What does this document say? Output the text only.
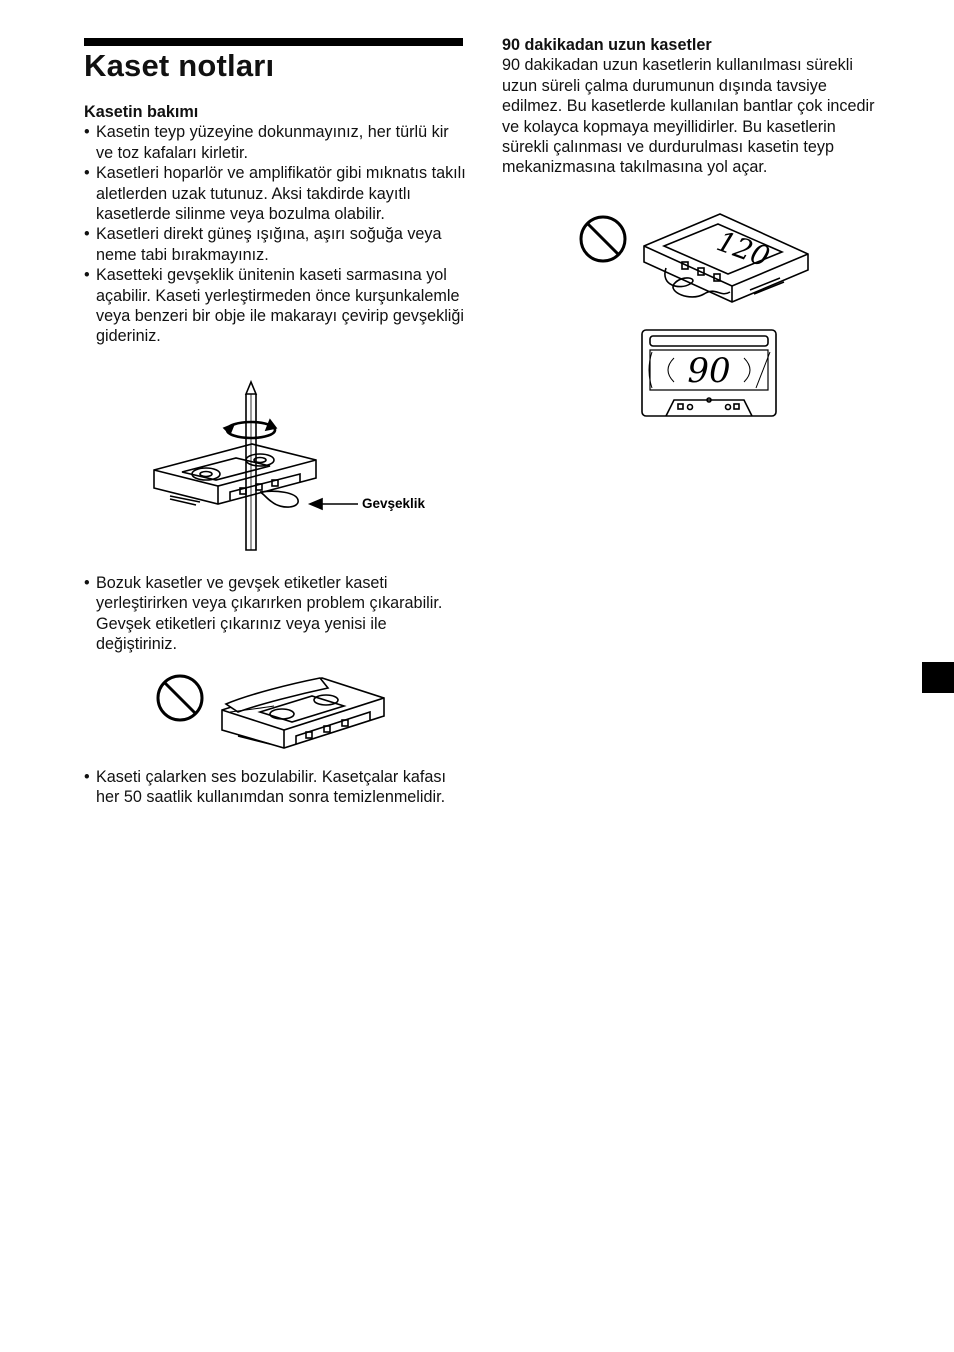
Kaset notları

Kasetin bakımı

• Kasetin teyp yüzeyine dokunmayınız, her türlü kir ve toz kafaları kirletir.
• Kasetleri hoparlör ve amplifikatör gibi mıknatıs takılı aletlerden uzak tutunuz. Aksi takdirde kayıtlı kasetlerde silinme veya bozulma olabilir.
• Kasetleri direkt güneş ışığına, aşırı soğuğa veya neme tabi bırakmayınız.
• Kasetteki gevşeklik ünitenin kaseti sarmasına yol açabilir. Kaseti yerleştirmeden önce kurşunkalemle veya benzeri bir obje ile makarayı çevirip gevşekliği gideriniz.
Gevşeklik
• Bozuk kasetler ve gevşek etiketler kaseti yerleştirirken veya çıkarırken problem çıkarabilir. Gevşek etiketleri çıkarınız veya yenisi ile değiştiriniz.
• Kaseti çalarken ses bozulabilir. Kasetçalar kafası her 50 saatlik kullanımdan sonra temizlenmelidir.

90 dakikadan uzun kasetler

90 dakikadan uzun kasetlerin kullanılması sürekli uzun süreli çalma durumunun dışında tavsiye edilmez. Bu kasetlerde kullanılan bantlar çok incedir ve kolayca kopmaya meyillidirler. Bu kasetlerin sürekli çalınması ve durdurulması kasetin teyp mekanizmasına takılmasına yol açar.

120
90
